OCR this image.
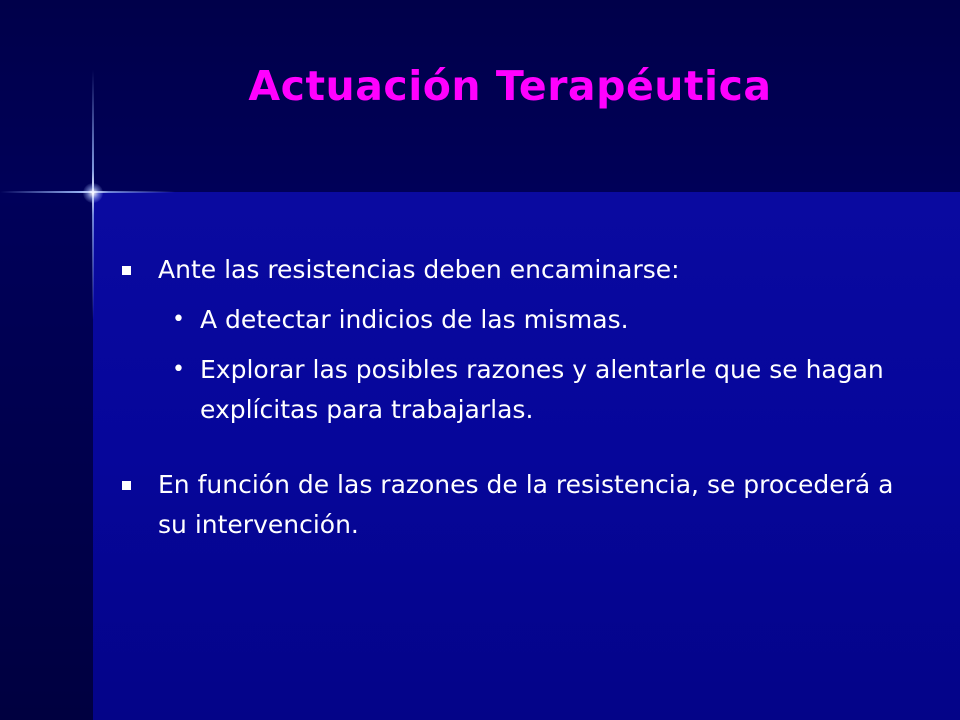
Actuación Terapéutica
Ante las resistencias deben encaminarse:
• A detectar indicios de las mismas.
• Explorar las posibles razones y alentarle que se hagan explícitas para trabajarlas.
En función de las razones de la resistencia, se procederá a su intervención.
